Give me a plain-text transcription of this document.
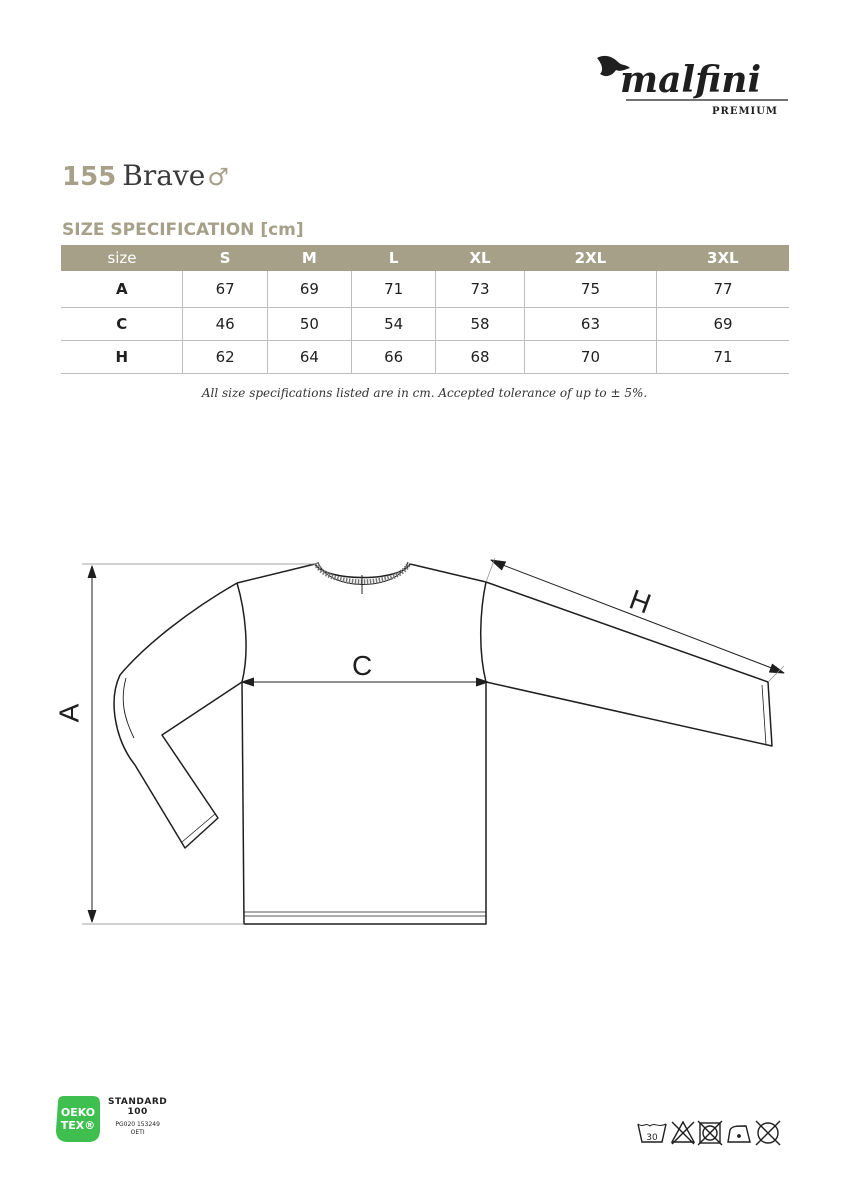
malfini
PREMIUM
155 Brave♂
SIZE SPECIFICATION [cm]
size	S	M	L	XL	2XL	3XL
A	67	69	71	73	75	77
C	46	50	54	58	63	69
H	62	64	66	68	70	71
All size specifications listed are in cm. Accepted tolerance of up to ± 5%.
A
C
H
OEKO
TEX®
STANDARD
100
PG020 153249
OETI
30
